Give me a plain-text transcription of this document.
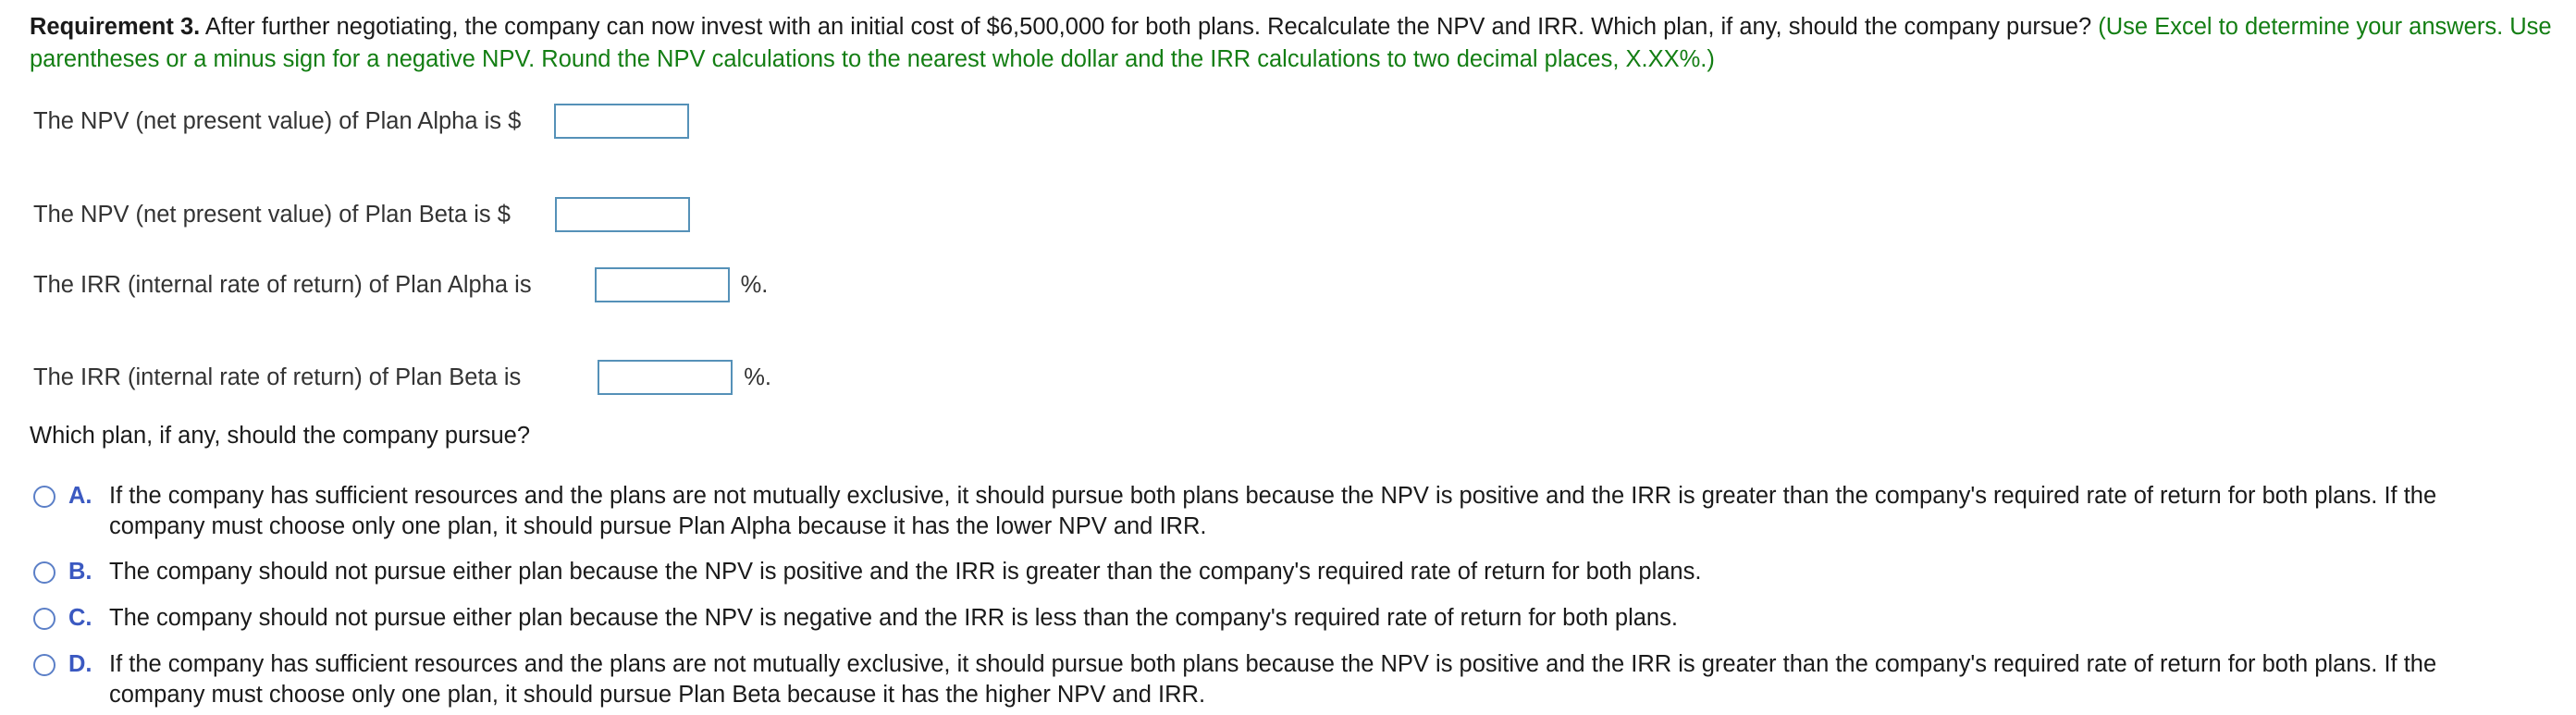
Requirement 3. After further negotiating, the company can now invest with an initial cost of $6,500,000 for both plans. Recalculate the NPV and IRR. Which plan, if any, should the company pursue? (Use Excel to determine your answers. Use parentheses or a minus sign for a negative NPV. Round the NPV calculations to the nearest whole dollar and the IRR calculations to two decimal places, X.XX%.)

The NPV (net present value) of Plan Alpha is $
The NPV (net present value) of Plan Beta is $
The IRR (internal rate of return) of Plan Alpha is	%.
The IRR (internal rate of return) of Plan Beta is	%.

Which plan, if any, should the company pursue?

A. If the company has sufficient resources and the plans are not mutually exclusive, it should pursue both plans because the NPV is positive and the IRR is greater than the company's required rate of return for both plans. If the company must choose only one plan, it should pursue Plan Alpha because it has the lower NPV and IRR.
B. The company should not pursue either plan because the NPV is positive and the IRR is greater than the company's required rate of return for both plans.
C. The company should not pursue either plan because the NPV is negative and the IRR is less than the company's required rate of return for both plans.
D. If the company has sufficient resources and the plans are not mutually exclusive, it should pursue both plans because the NPV is positive and the IRR is greater than the company's required rate of return for both plans. If the company must choose only one plan, it should pursue Plan Beta because it has the higher NPV and IRR.
